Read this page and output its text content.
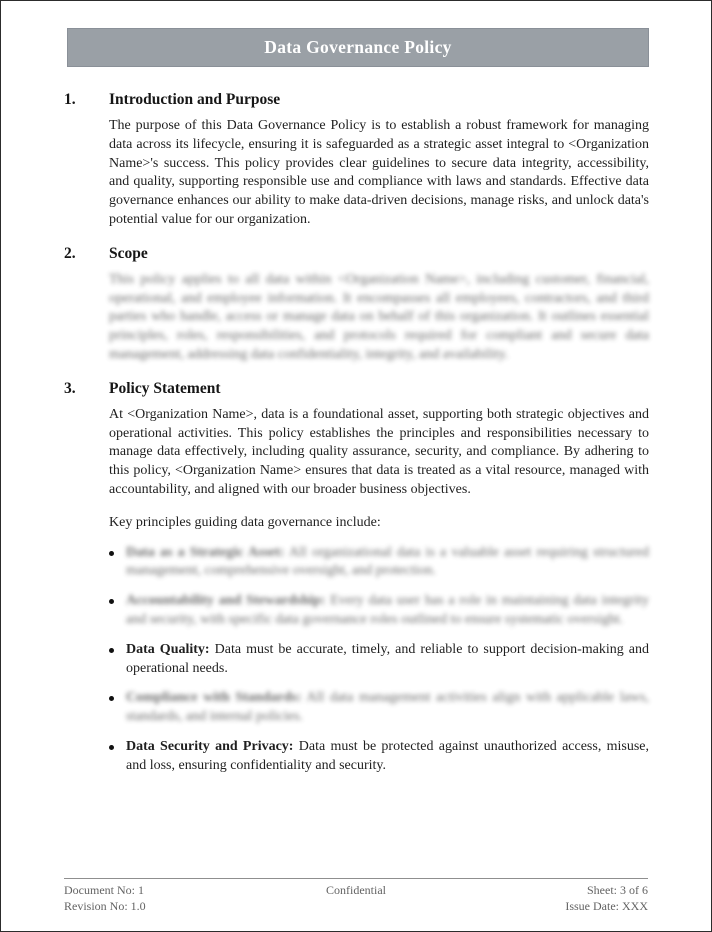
Data Governance Policy
1.	Introduction and Purpose

The purpose of this Data Governance Policy is to establish a robust framework for managing data across its lifecycle, ensuring it is safeguarded as a strategic asset integral to <Organization Name>'s success. This policy provides clear guidelines to secure data integrity, accessibility, and quality, supporting responsible use and compliance with laws and standards. Effective data governance enhances our ability to make data-driven decisions, manage risks, and unlock data's potential value for our organization.

2.	Scope

This policy applies to all data within <Organization Name>, including customer, financial, operational, and employee information. It encompasses all employees, contractors, and third parties who handle, access or manage data on behalf of this organization. It outlines essential principles, roles, responsibilities, and protocols required for compliant and secure data management, addressing data confidentiality, integrity, and availability.

3.	Policy Statement

At <Organization Name>, data is a foundational asset, supporting both strategic objectives and operational activities. This policy establishes the principles and responsibilities necessary to manage data effectively, including quality assurance, security, and compliance. By adhering to this policy, <Organization Name> ensures that data is treated as a vital resource, managed with accountability, and aligned with our broader business objectives.

Key principles guiding data governance include:

Data as a Strategic Asset: All organizational data is a valuable asset requiring structured management, comprehensive oversight, and protection.
Accountability and Stewardship: Every data user has a role in maintaining data integrity and security, with specific data governance roles outlined to ensure systematic oversight.
Data Quality: Data must be accurate, timely, and reliable to support decision-making and operational needs.
Compliance with Standards: All data management activities align with applicable laws, standards, and internal policies.
Data Security and Privacy: Data must be protected against unauthorized access, misuse, and loss, ensuring confidentiality and security.
Document No: 1
Revision No: 1.0
Confidential	Sheet: 3 of 6
Issue Date: XXX
